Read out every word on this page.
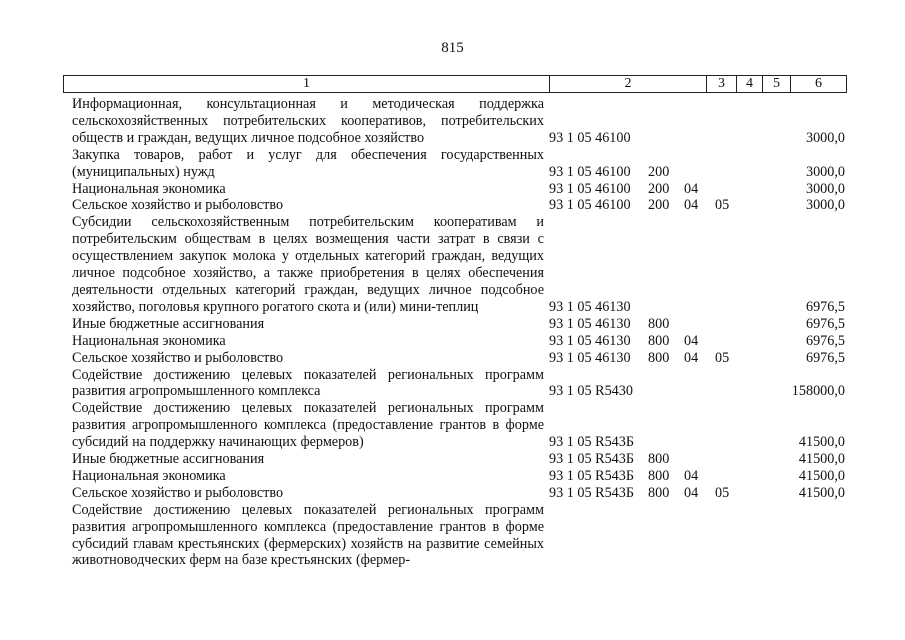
815
1	2	3	4	5	6
Информационная, консультационная и методическая поддержка сельскохозяйственных потребительских кооперативов, потребительских обществ и граждан, ведущих личное подсобное хозяйство	93 1 05 46100	3000,0
Закупка товаров, работ и услуг для обеспечения государственных (муниципальных) нужд	93 1 05 46100 200	3000,0
Национальная экономика	93 1 05 46100 200 04	3000,0
Сельское хозяйство и рыболовство	93 1 05 46100 200 04 05	3000,0
Субсидии сельскохозяйственным потребительским кооперативам и потребительским обществам в целях возмещения части затрат в связи с осуществлением закупок молока у отдельных категорий граждан, ведущих личное подсобное хозяйство, а также приобретения в целях обеспечения деятельности отдельных категорий граждан, ведущих личное подсобное хозяйство, поголовья крупного рогатого скота и (или) мини-теплиц	93 1 05 46130	6976,5
Иные бюджетные ассигнования	93 1 05 46130 800	6976,5
Национальная экономика	93 1 05 46130 800 04	6976,5
Сельское хозяйство и рыболовство	93 1 05 46130 800 04 05	6976,5
Содействие достижению целевых показателей региональных программ развития агропромышленного комплекса	93 1 05 R5430	158000,0
Содействие достижению целевых показателей региональных программ развития агропромышленного комплекса (предоставление грантов в форме субсидий на поддержку начинающих фермеров)	93 1 05 R543Б	41500,0
Иные бюджетные ассигнования	93 1 05 R543Б 800	41500,0
Национальная экономика	93 1 05 R543Б 800 04	41500,0
Сельское хозяйство и рыболовство	93 1 05 R543Б 800 04 05	41500,0
Содействие достижению целевых показателей региональных программ развития агропромышленного комплекса (предоставление грантов в форме субсидий главам крестьянских (фермерских) хозяйств на развитие семейных животноводческих ферм на базе крестьянских (фермер-
